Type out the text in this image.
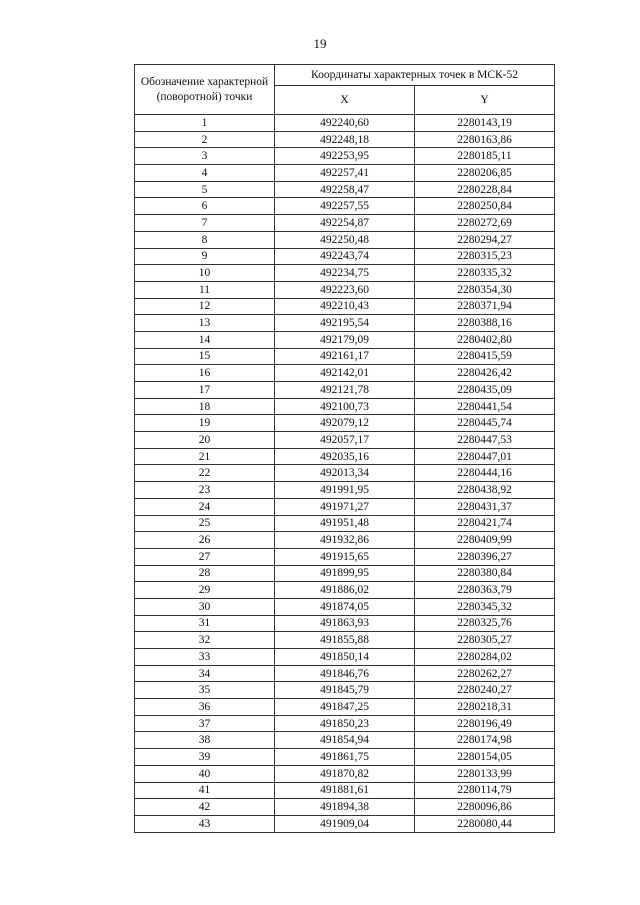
19
Обозначение характерной (поворотной) точки	Координаты характерных точек в МСК-52	
	X	Y
1	492240,60	2280143,19
2	492248,18	2280163,86
3	492253,95	2280185,11
4	492257,41	2280206,85
5	492258,47	2280228,84
6	492257,55	2280250,84
7	492254,87	2280272,69
8	492250,48	2280294,27
9	492243,74	2280315,23
10	492234,75	2280335,32
11	492223,60	2280354,30
12	492210,43	2280371,94
13	492195,54	2280388,16
14	492179,09	2280402,80
15	492161,17	2280415,59
16	492142,01	2280426,42
17	492121,78	2280435,09
18	492100,73	2280441,54
19	492079,12	2280445,74
20	492057,17	2280447,53
21	492035,16	2280447,01
22	492013,34	2280444,16
23	491991,95	2280438,92
24	491971,27	2280431,37
25	491951,48	2280421,74
26	491932,86	2280409,99
27	491915,65	2280396,27
28	491899,95	2280380,84
29	491886,02	2280363,79
30	491874,05	2280345,32
31	491863,93	2280325,76
32	491855,88	2280305,27
33	491850,14	2280284,02
34	491846,76	2280262,27
35	491845,79	2280240,27
36	491847,25	2280218,31
37	491850,23	2280196,49
38	491854,94	2280174,98
39	491861,75	2280154,05
40	491870,82	2280133,99
41	491881,61	2280114,79
42	491894,38	2280096,86
43	491909,04	2280080,44
